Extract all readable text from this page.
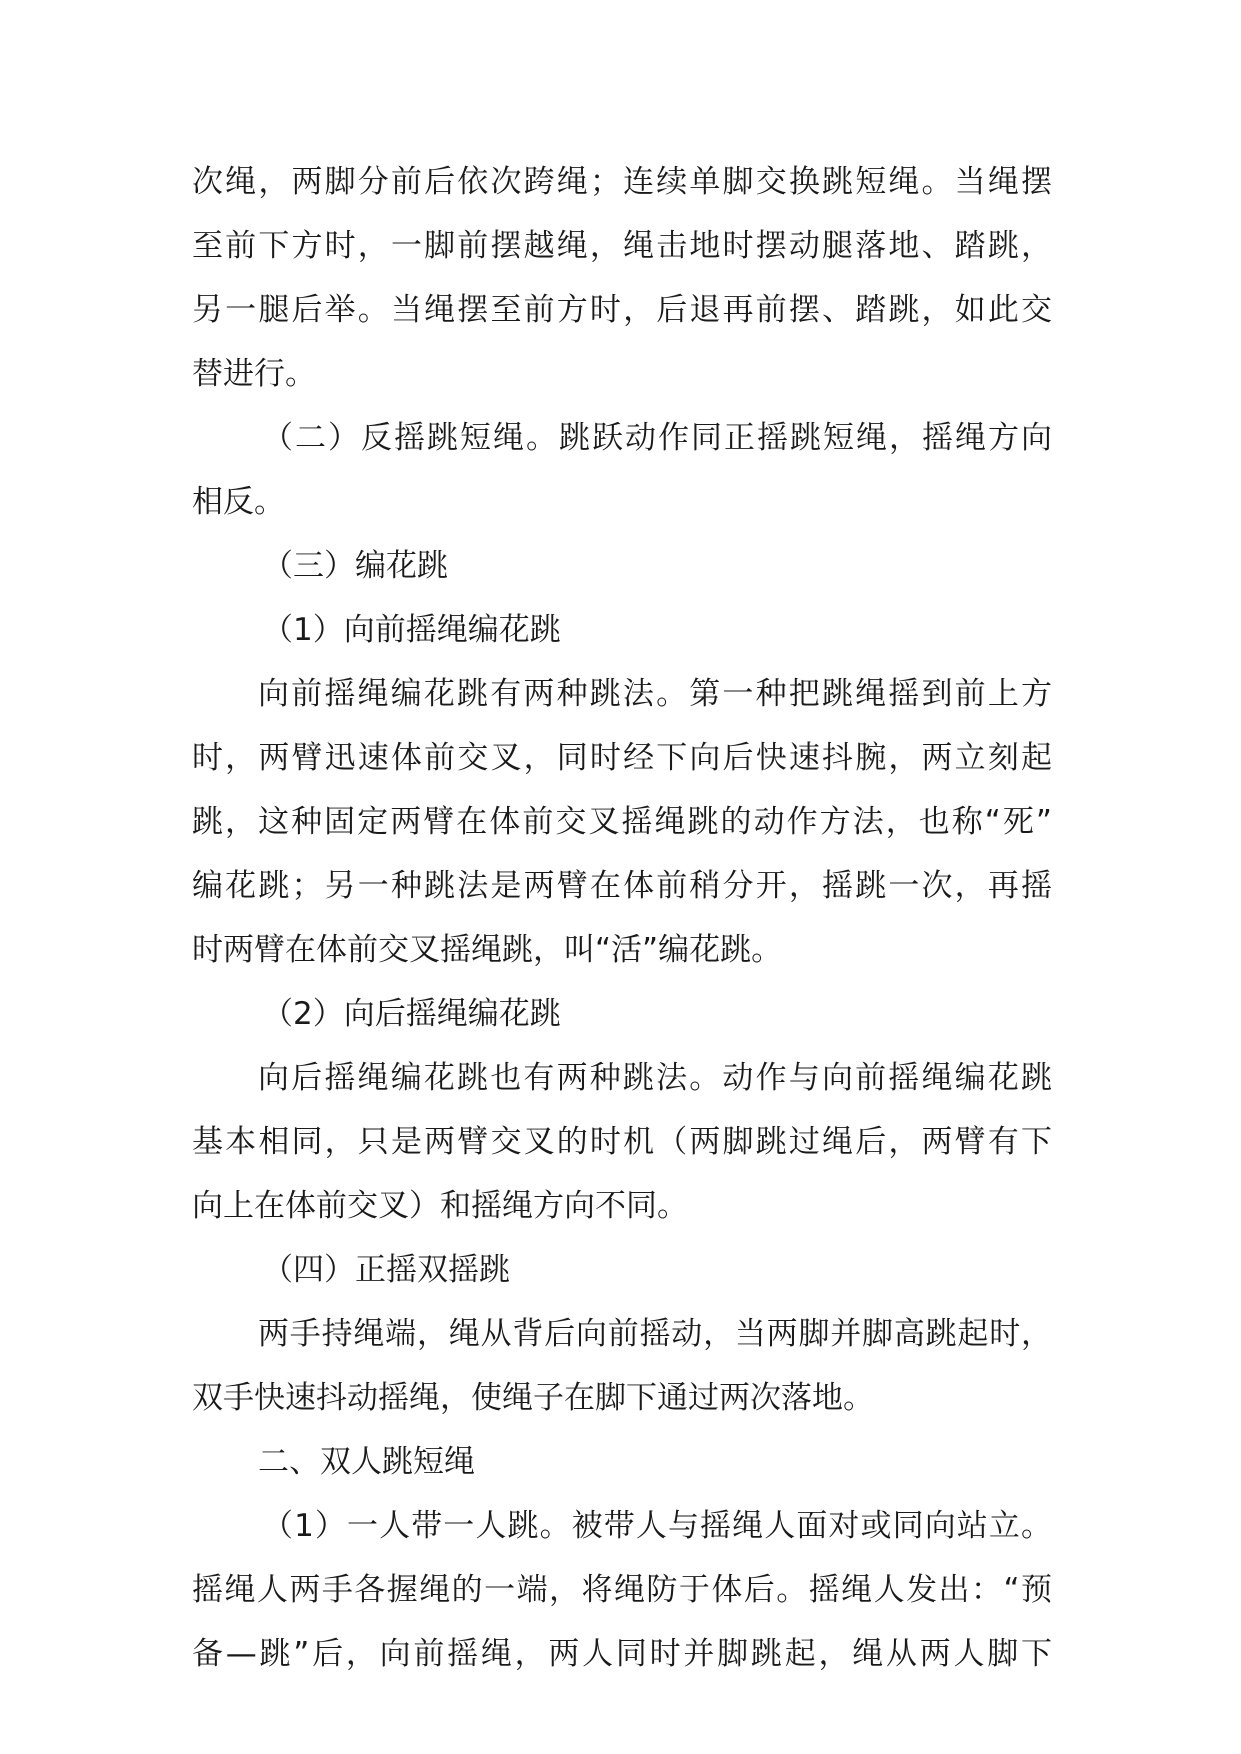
次绳，两脚分前后依次跨绳；连续单脚交换跳短绳。当绳摆
至前下方时，一脚前摆越绳，绳击地时摆动腿落地、踏跳，
另一腿后举。当绳摆至前方时，后退再前摆、踏跳，如此交
替进行。
（二）反摇跳短绳。跳跃动作同正摇跳短绳，摇绳方向
相反。
（三）编花跳
（1）向前摇绳编花跳
向前摇绳编花跳有两种跳法。第一种把跳绳摇到前上方
时，两臂迅速体前交叉，同时经下向后快速抖腕，两立刻起
跳，这种固定两臂在体前交叉摇绳跳的动作方法，也称“死”
编花跳；另一种跳法是两臂在体前稍分开，摇跳一次，再摇
时两臂在体前交叉摇绳跳，叫“活”编花跳。
（2）向后摇绳编花跳
向后摇绳编花跳也有两种跳法。动作与向前摇绳编花跳
基本相同，只是两臂交叉的时机（两脚跳过绳后，两臂有下
向上在体前交叉）和摇绳方向不同。
（四）正摇双摇跳
两手持绳端，绳从背后向前摇动，当两脚并脚高跳起时，
双手快速抖动摇绳，使绳子在脚下通过两次落地。
二、双人跳短绳
（1）一人带一人跳。被带人与摇绳人面对或同向站立。
摇绳人两手各握绳的一端，将绳防于体后。摇绳人发出：“预
备—跳”后，向前摇绳，两人同时并脚跳起，绳从两人脚下
